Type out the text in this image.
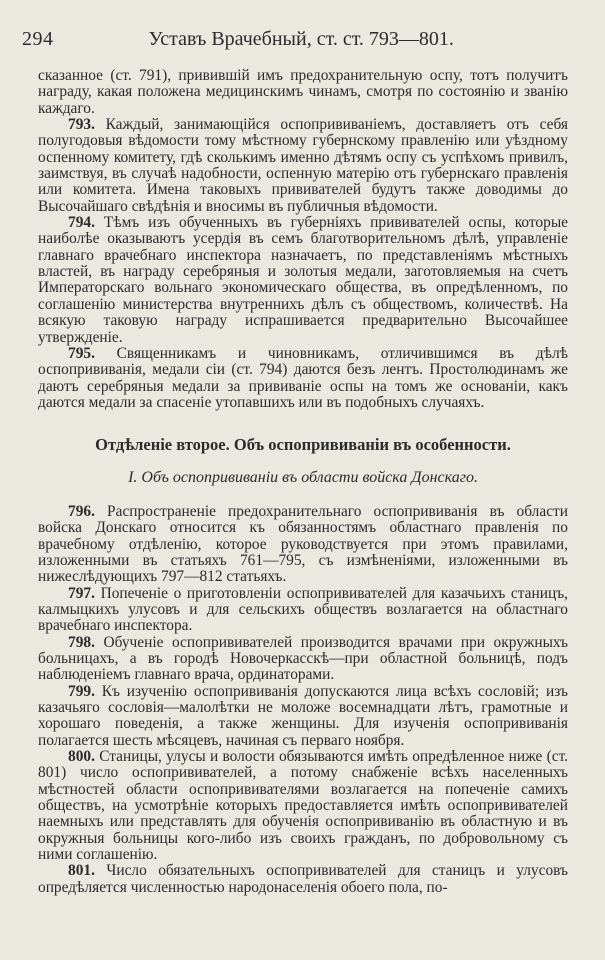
294	Уставъ Врачебный, ст. ст. 793—801.

сказанное (ст. 791), привившій имъ предохранительную оспу, тотъ получитъ награду, какая положена медицинскимъ чинамъ, смотря по состоянію и званію каждаго.

793. Каждый, занимающійся оспопрививаніемъ, доставляетъ отъ себя полугодовыя вѣдомости тому мѣстному губернскому правленію или уѣздному оспенному комитету, гдѣ сколькимъ именно дѣтямъ оспу съ успѣхомъ привилъ, заимствуя, въ случаѣ надобности, оспенную матерію отъ губернскаго правленія или комитета. Имена таковыхъ прививателей будутъ также доводимы до Высочайшаго свѣдѣнія и вносимы въ публичныя вѣдомости.

794. Тѣмъ изъ обученныхъ въ губерніяхъ прививателей оспы, которые наиболѣе оказываютъ усердія въ семъ благотворительномъ дѣлѣ, управленіе главнаго врачебнаго инспектора назначаетъ, по представленіямъ мѣстныхъ властей, въ награду серебряныя и золотыя медали, заготовляемыя на счетъ Императорскаго вольнаго экономическаго общества, въ опредѣленномъ, по соглашенію министерства внутреннихъ дѣлъ съ обществомъ, количествѣ. На всякую таковую награду испрашивается предварительно Высочайшее утвержденіе.

795. Священникамъ и чиновникамъ, отличившимся въ дѣлѣ оспопрививанія, медали сіи (ст. 794) даются безъ лентъ. Простолюдинамъ же даютъ серебряныя медали за прививаніе оспы на томъ же основаніи, какъ даются медали за спасеніе утопавшихъ или въ подобныхъ случаяхъ.

Отдѣленіе второе. Объ оспопрививаніи въ особенности.
I. Объ оспопрививаніи въ области войска Донскаго.

796. Распространеніе предохранительнаго оспопрививанія въ области войска Донскаго относится къ обязанностямъ областнаго правленія по врачебному отдѣленію, которое руководствуется при этомъ правилами, изложенными въ статьяхъ 761—795, съ измѣненіями, изложенными въ нижеслѣдующихъ 797—812 статьяхъ.

797. Попеченіе о приготовленіи оспопрививателей для казачьихъ станицъ, калмыцкихъ улусовъ и для сельскихъ обществъ возлагается на областнаго врачебнаго инспектора.

798. Обученіе оспопрививателей производится врачами при окружныхъ больницахъ, а въ городѣ Новочеркасскѣ—при областной больницѣ, подъ наблюденіемъ главнаго врача, ординаторами.

799. Къ изученію оспопрививанія допускаются лица всѣхъ сословій; изъ казачьяго сословія—малолѣтки не моложе восемнадцати лѣтъ, грамотные и хорошаго поведенія, а также женщины. Для изученія оспопрививанія полагается шесть мѣсяцевъ, начиная съ перваго ноября.

800. Станицы, улусы и волости обязываются имѣть опредѣленное ниже (ст. 801) число оспопрививателей, а потому снабженіе всѣхъ населенныхъ мѣстностей области оспопрививателями возлагается на попеченіе самихъ обществъ, на усмотрѣніе которыхъ предоставляется имѣть оспопрививателей наемныхъ или представлять для обученія оспопрививанію въ областную и въ окружныя больницы кого-либо изъ своихъ гражданъ, по добровольному съ ними соглашенію.

801. Число обязательныхъ оспопрививателей для станицъ и улусовъ опредѣляется численностью народонаселенія обоего пола, по-
